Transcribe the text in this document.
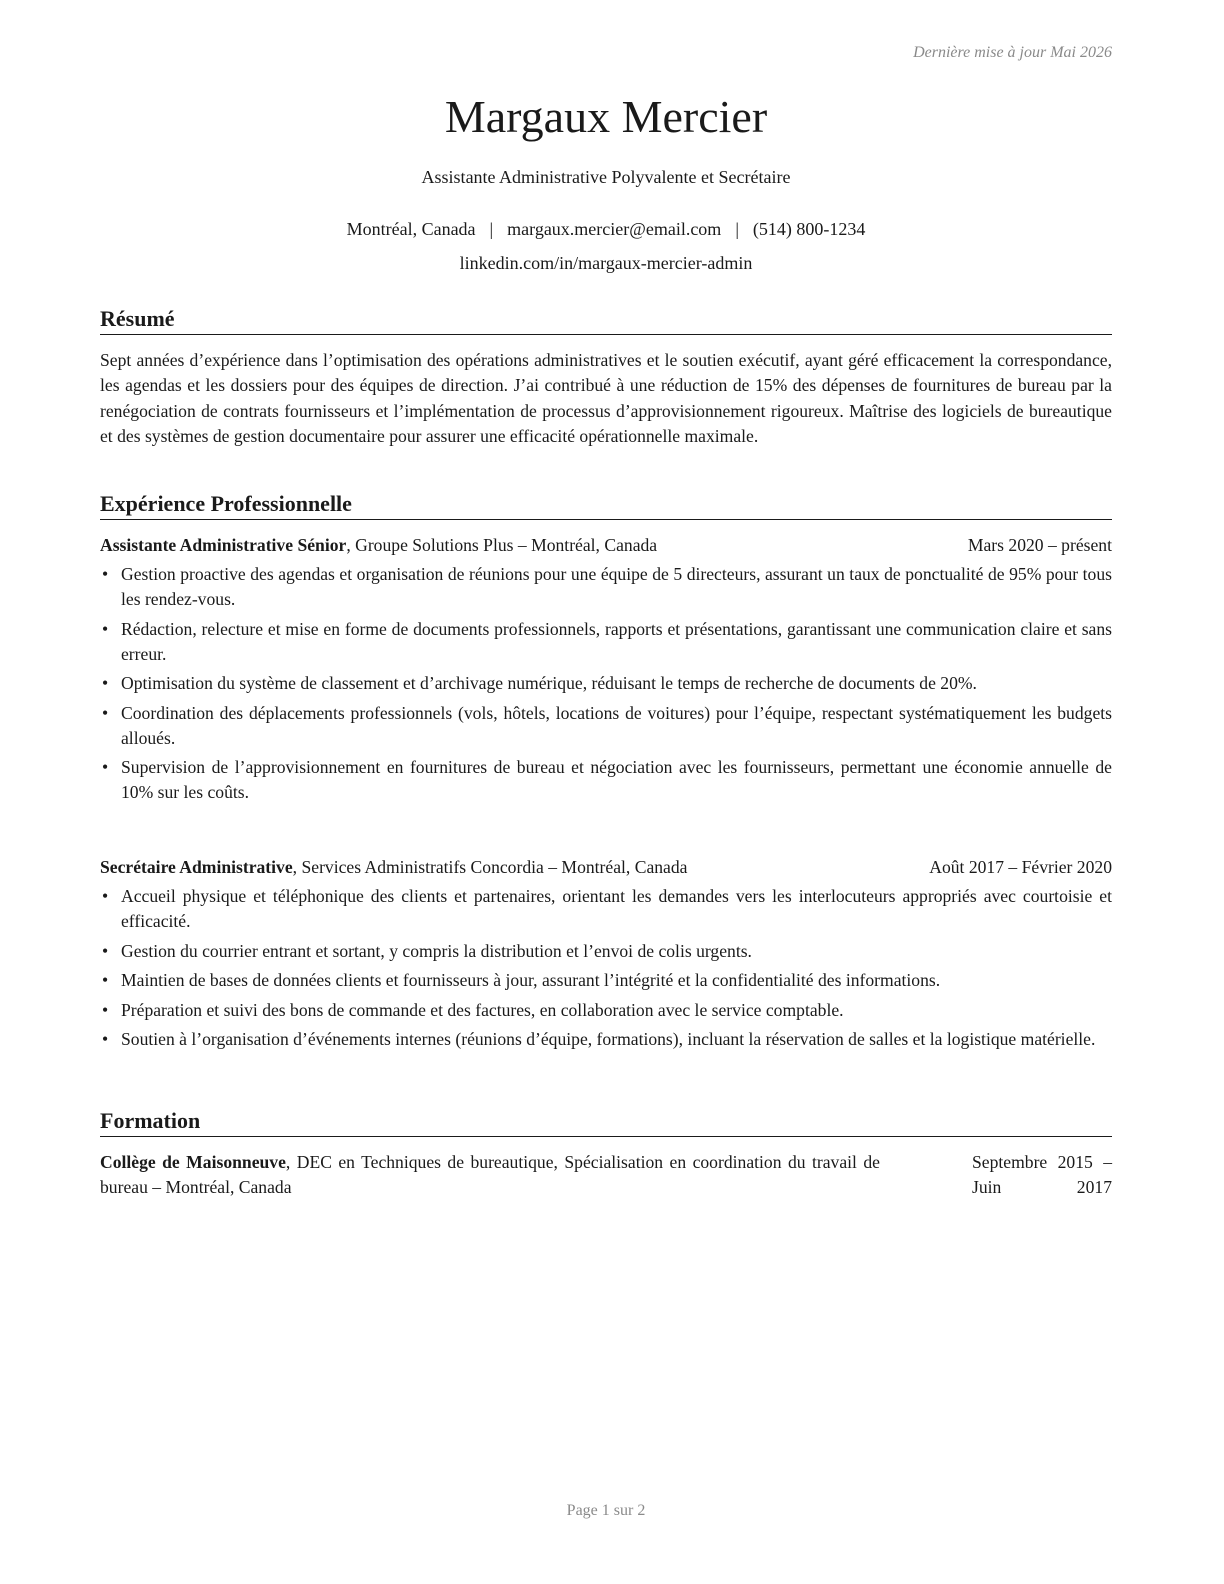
Dernière mise à jour Mai 2026
Margaux Mercier
Assistante Administrative Polyvalente et Secrétaire
Montréal, Canada | margaux.mercier@email.com | (514) 800-1234
linkedin.com/in/margaux-mercier-admin
Résumé
Sept années d’expérience dans l’optimisation des opérations administratives et le soutien exécutif, ayant géré efficacement la correspondance, les agendas et les dossiers pour des équipes de direction. J’ai contribué à une réduction de 15% des dépenses de fournitures de bureau par la renégociation de contrats fournisseurs et l’implémentation de processus d’approvisionnement rigoureux. Maîtrise des logiciels de bureautique et des systèmes de gestion documentaire pour assurer une efficacité opérationnelle maximale.
Expérience Professionnelle
Assistante Administrative Sénior, Groupe Solutions Plus – Montréal, Canada	Mars 2020 – présent
• Gestion proactive des agendas et organisation de réunions pour une équipe de 5 directeurs, assurant un taux de ponctualité de 95% pour tous les rendez-vous.
• Rédaction, relecture et mise en forme de documents professionnels, rapports et présentations, garantissant une communication claire et sans erreur.
• Optimisation du système de classement et d’archivage numérique, réduisant le temps de recherche de documents de 20%.
• Coordination des déplacements professionnels (vols, hôtels, locations de voitures) pour l’équipe, respectant systématiquement les budgets alloués.
• Supervision de l’approvisionnement en fournitures de bureau et négociation avec les fournisseurs, permettant une économie annuelle de 10% sur les coûts.
Secrétaire Administrative, Services Administratifs Concordia – Montréal, Canada	Août 2017 – Février 2020
• Accueil physique et téléphonique des clients et partenaires, orientant les demandes vers les interlocuteurs appropriés avec courtoisie et efficacité.
• Gestion du courrier entrant et sortant, y compris la distribution et l’envoi de colis urgents.
• Maintien de bases de données clients et fournisseurs à jour, assurant l’intégrité et la confidentialité des informations.
• Préparation et suivi des bons de commande et des factures, en collaboration avec le service comptable.
• Soutien à l’organisation d’événements internes (réunions d’équipe, formations), incluant la réservation de salles et la logistique matérielle.
Formation
Collège de Maisonneuve, DEC en Techniques de bureautique, Spécialisation en coordination du travail de bureau – Montréal, Canada
Septembre 2015 – Juin 2017
Page 1 sur 2
